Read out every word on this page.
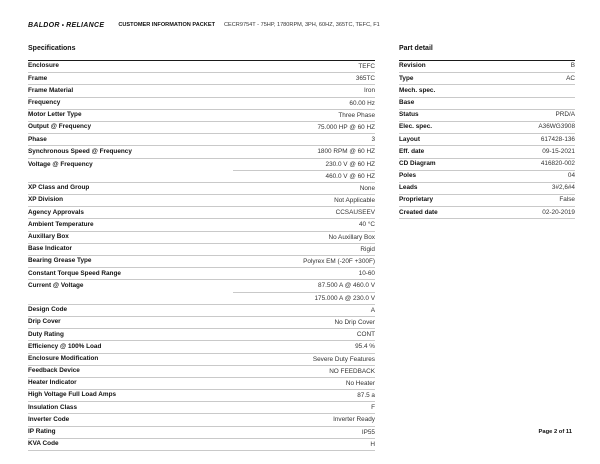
BALDOR • RELIANCE	CUSTOMER INFORMATION PACKET CECR9754T - 75HP, 1780RPM, 3PH, 60HZ, 365TC, TEFC, F1
Specifications
Enclosure	TEFC

Frame	365TC

Frame Material	Iron

Frequency	60.00 Hz

Motor Letter Type	Three Phase

Output @ Frequency	75.000 HP @ 60 HZ

Phase	3

Synchronous Speed @ Frequency	1800 RPM @ 60 HZ

Voltage @ Frequency	230.0 V @ 60 HZ
460.0 V @ 60 HZ

XP Class and Group	None

XP Division	Not Applicable

Agency Approvals	CCSAUSEEV

Ambient Temperature	40 °C

Auxillary Box	No Auxillary Box

Base Indicator	Rigid

Bearing Grease Type	Polyrex EM (-20F +300F)

Constant Torque Speed Range	10-60

Current @ Voltage	87.500 A @ 460.0 V
175.000 A @ 230.0 V

Design Code	A

Drip Cover	No Drip Cover

Duty Rating	CONT

Efficiency @ 100% Load	95.4 %

Enclosure Modification	Severe Duty Features

Feedback Device	NO FEEDBACK

Heater Indicator	No Heater

High Voltage Full Load Amps	87.5 a

Insulation Class	F

Inverter Code	Inverter Ready

IP Rating	IP55

KVA Code	H
Part detail
Revision	B
Type	AC
Mech. spec.	
Base	
Status	PRD/A
Elec. spec.	A36WG3908
Layout	617428-136
Eff. date	09-15-2021
CD Diagram	416820-002
Poles	04
Leads	3#2,6#4
Proprietary	False
Created date	02-20-2019
Page 2 of 11
